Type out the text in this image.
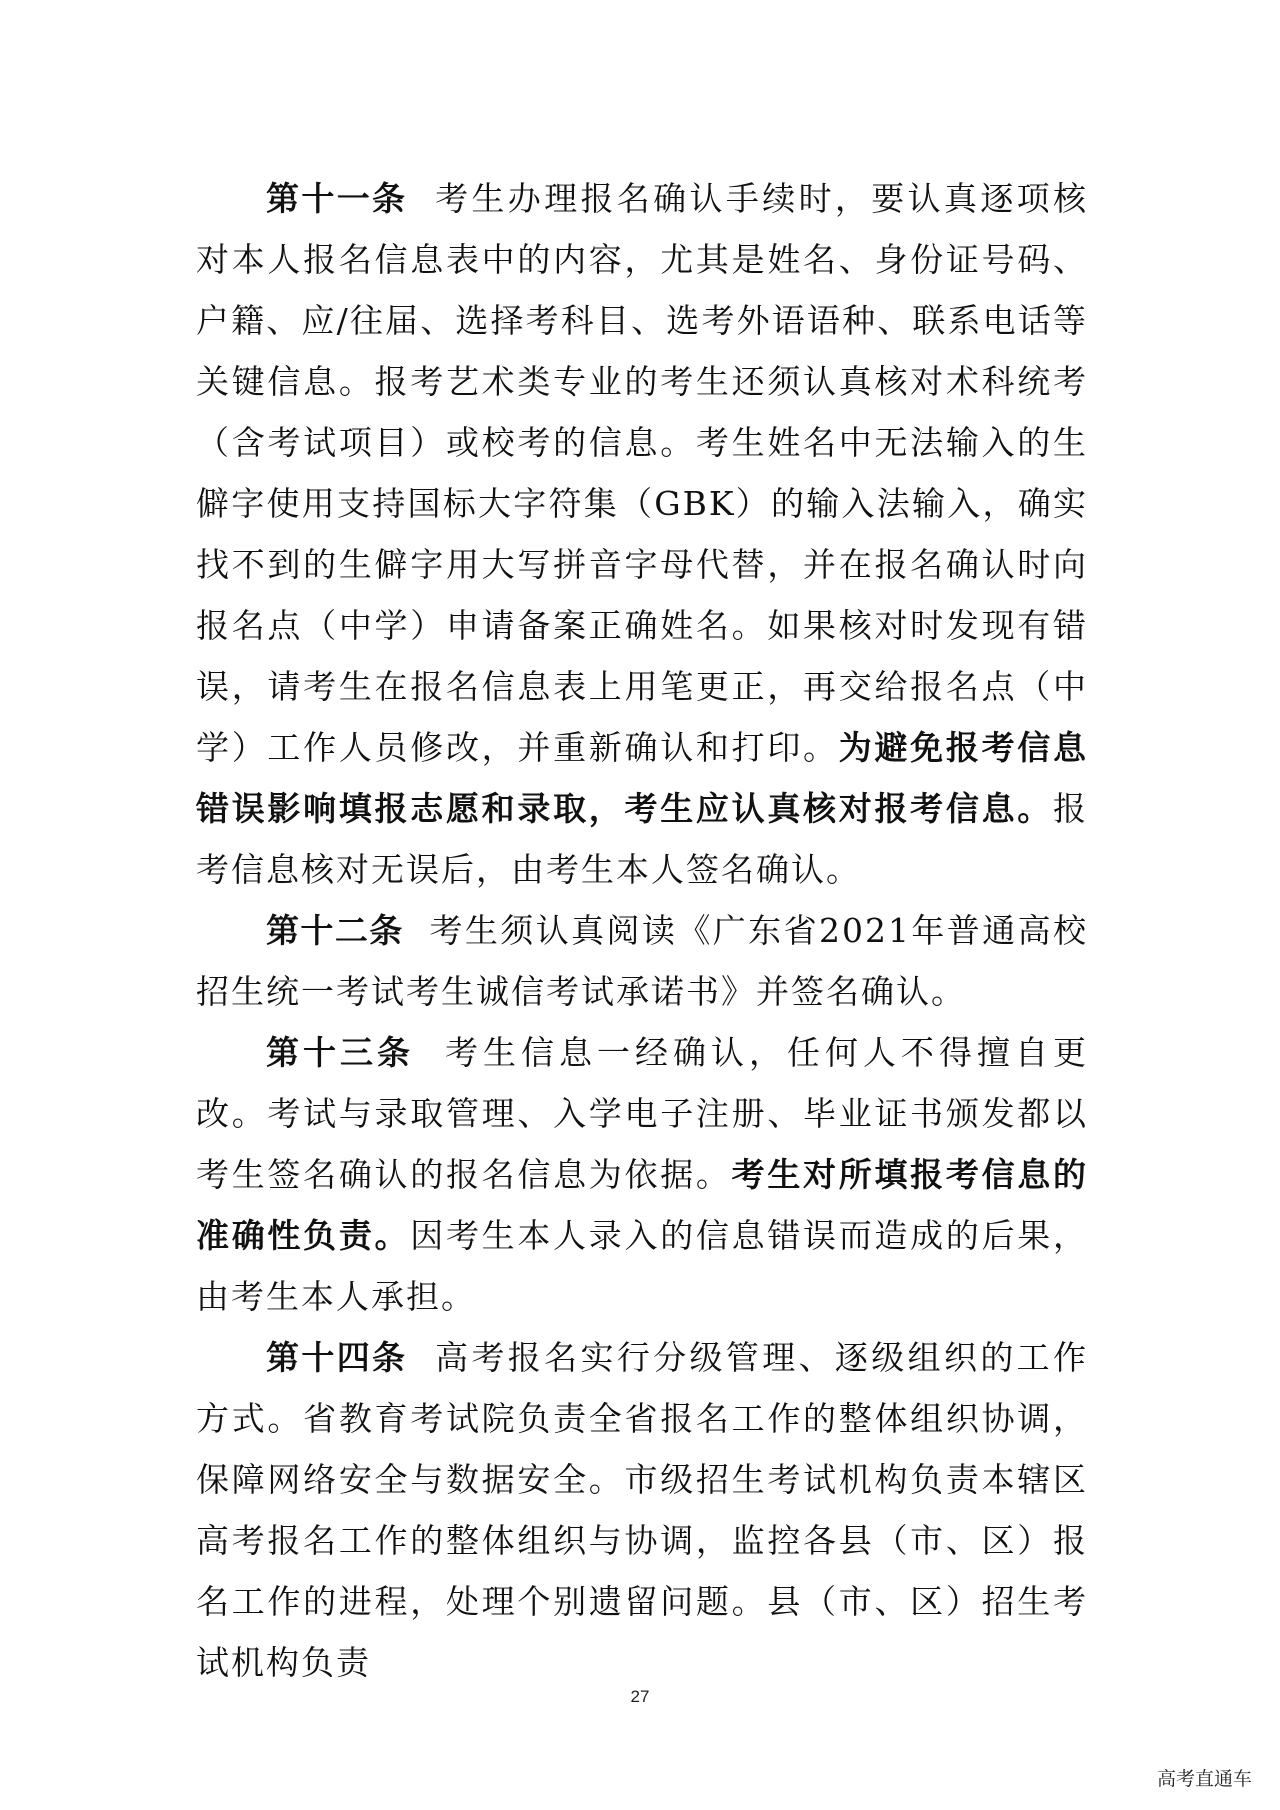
第十一条 考生办理报名确认手续时，要认真逐项核对本人报名信息表中的内容，尤其是姓名、身份证号码、户籍、应/往届、选择考科目、选考外语语种、联系电话等关键信息。报考艺术类专业的考生还须认真核对术科统考（含考试项目）或校考的信息。考生姓名中无法输入的生僻字使用支持国标大字符集（GBK）的输入法输入，确实找不到的生僻字用大写拼音字母代替，并在报名确认时向报名点（中学）申请备案正确姓名。如果核对时发现有错误，请考生在报名信息表上用笔更正，再交给报名点（中学）工作人员修改，并重新确认和打印。为避免报考信息错误影响填报志愿和录取，考生应认真核对报考信息。报考信息核对无误后，由考生本人签名确认。

第十二条 考生须认真阅读《广东省2021年普通高校招生统一考试考生诚信考试承诺书》并签名确认。

第十三条 考生信息一经确认，任何人不得擅自更改。考试与录取管理、入学电子注册、毕业证书颁发都以考生签名确认的报名信息为依据。考生对所填报考信息的准确性负责。因考生本人录入的信息错误而造成的后果，由考生本人承担。

第十四条 高考报名实行分级管理、逐级组织的工作方式。省教育考试院负责全省报名工作的整体组织协调，保障网络安全与数据安全。市级招生考试机构负责本辖区高考报名工作的整体组织与协调，监控各县（市、区）报名工作的进程，处理个别遗留问题。县（市、区）招生考试机构负责

27
高考直通车
